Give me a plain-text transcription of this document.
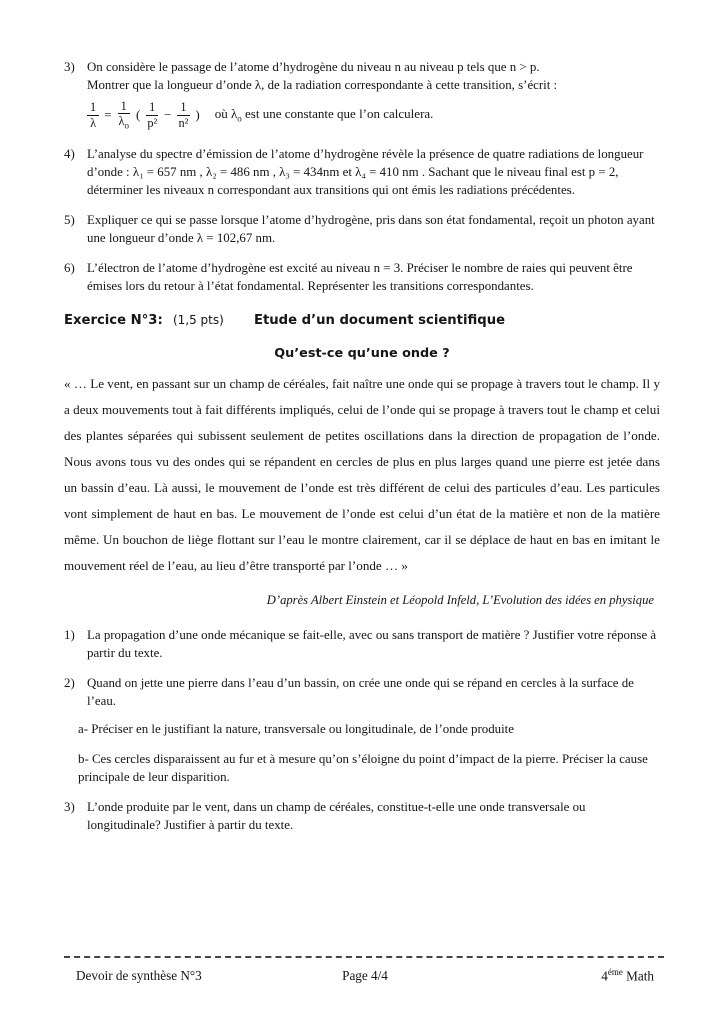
3) On considère le passage de l’atome d’hydrogène du niveau n au niveau p tels que n > p.
Montrer que la longueur d’onde λ, de la radiation correspondante à cette transition, s’écrit :
$\frac{1}{\lambda} = \frac{1}{\lambda_o}$ ( $\frac{1}{\text{p²}} - \frac{1}{\text{n²}}$ ) où $\lambda_o$ est une constante que l’on calculera.
4) L’analyse du spectre d’émission de l’atome d’hydrogène révèle la présence de quatre radiations de longueur d’onde : λ₁ = 657 nm , λ₂ = 486 nm , λ₃ = 434nm et λ₄ = 410 nm . Sachant que le niveau final est p = 2, déterminer les niveaux n correspondant aux transitions qui ont émis les radiations précédentes.
5) Expliquer ce qui se passe lorsque l’atome d’hydrogène, pris dans son état fondamental, reçoit un photon ayant une longueur d’onde λ = 102,67 nm.
6) L’électron de l’atome d’hydrogène est excité au niveau n = 3. Préciser le nombre de raies qui peuvent être émises lors du retour à l’état fondamental. Représenter les transitions correspondantes.
Exercice N°3: (1,5 pts) Etude d’un document scientifique
Qu’est-ce qu’une onde ?
« … Le vent, en passant sur un champ de céréales, fait naître une onde qui se propage à travers tout le champ. Il y a deux mouvements tout à fait différents impliqués, celui de l’onde qui se propage à travers tout le champ et celui des plantes séparées qui subissent seulement de petites oscillations dans la direction de propagation de l’onde. Nous avons tous vu des ondes qui se répandent en cercles de plus en plus larges quand une pierre est jetée dans un bassin d’eau. Là aussi, le mouvement de l’onde est très différent de celui des particules d’eau. Les particules vont simplement de haut en bas. Le mouvement de l’onde est celui d’un état de la matière et non de la matière même. Un bouchon de liège flottant sur l’eau le montre clairement, car il se déplace de haut en bas en imitant le mouvement réel de l’eau, au lieu d’être transporté par l’onde … »
D’après Albert Einstein et Léopold Infeld, L’Evolution des idées en physique
1) La propagation d’une onde mécanique se fait-elle, avec ou sans transport de matière ? Justifier votre réponse à partir du texte.
2) Quand on jette une pierre dans l’eau d’un bassin, on crée une onde qui se répand en cercles à la surface de l’eau.
a- Préciser en le justifiant la nature, transversale ou longitudinale, de l’onde produite
b- Ces cercles disparaissent au fur et à mesure qu’on s’éloigne du point d’impact de la pierre. Préciser la cause principale de leur disparition.
3) L’onde produite par le vent, dans un champ de céréales, constitue-t-elle une onde transversale ou longitudinale? Justifier à partir du texte.
Devoir de synthèse N°3	Page 4/4	$4^{éme}$ Math
